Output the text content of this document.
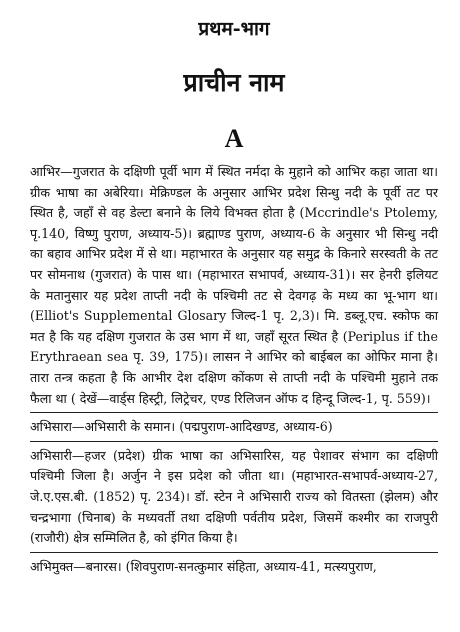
प्रथम-भाग
प्राचीन नाम
A

आभिर—गुजरात के दक्षिणी पूर्वी भाग में स्थित नर्मदा के मुहाने को आभिर कहा जाता था। ग्रीक भाषा का अबेरिया। मेक्रिण्डल के अनुसार आभिर प्रदेश सिन्धु नदी के पूर्वी तट पर स्थित है, जहाँ से वह डेल्टा बनाने के लिये विभक्त होता है (Mccrindle's Ptolemy, पृ.140, विष्णु पुराण, अध्याय-5)। ब्रह्माण्ड पुराण, अध्याय-6 के अनुसार भी सिन्धु नदी का बहाव आभिर प्रदेश में से था। महाभारत के अनुसार यह समुद्र के किनारे सरस्वती के तट पर सोमनाथ (गुजरात) के पास था। (महाभारत सभापर्व, अध्याय-31)। सर हेनरी इलियट के मतानुसार यह प्रदेश ताप्ती नदी के पश्चिमी तट से देवगढ़ के मध्य का भू-भाग था। (Elliot's Supplemental Glosary जिल्द-1 पृ. 2,3)। मि. डब्लू.एच. स्कोफ का मत है कि यह दक्षिण गुजरात के उस भाग में था, जहाँ सूरत स्थित है (Periplus if the Erythraean sea पृ. 39, 175)। लासन ने आभिर को बाईबल का ओफिर माना है। तारा तन्त्र कहता है कि आभीर देश दक्षिण कोंकण से ताप्ती नदी के पश्चिमी मुहाने तक फैला था ( देखें—वार्ड्स हिस्ट्री, लिट्रेचर, एण्ड रिलिजन ऑफ द हिन्दू जिल्द-1, पृ. 559)।

अभिसारा—अभिसारी के समान। (पद्मपुराण-आदिखण्ड, अध्याय-6)

अभिसारी—हजर (प्रदेश) ग्रीक भाषा का अभिसारिस, यह पेशावर संभाग का दक्षिणी पश्चिमी जिला है। अर्जुन ने इस प्रदेश को जीता था। (महाभारत-सभापर्व-अध्याय-27, जे.ए.एस.बी. (1852) पृ. 234)। डॉ. स्टेन ने अभिसारी राज्य को वितस्ता (झेलम) और चन्द्रभागा (चिनाब) के मध्यवर्ती तथा दक्षिणी पर्वतीय प्रदेश, जिसमें कश्मीर का राजपुरी (राजौरी) क्षेत्र सम्मिलित है, को इंगित किया है।

अभिमुक्त—बनारस। (शिवपुराण-सनत्कुमार संहिता, अध्याय-41, मत्स्यपुराण,
